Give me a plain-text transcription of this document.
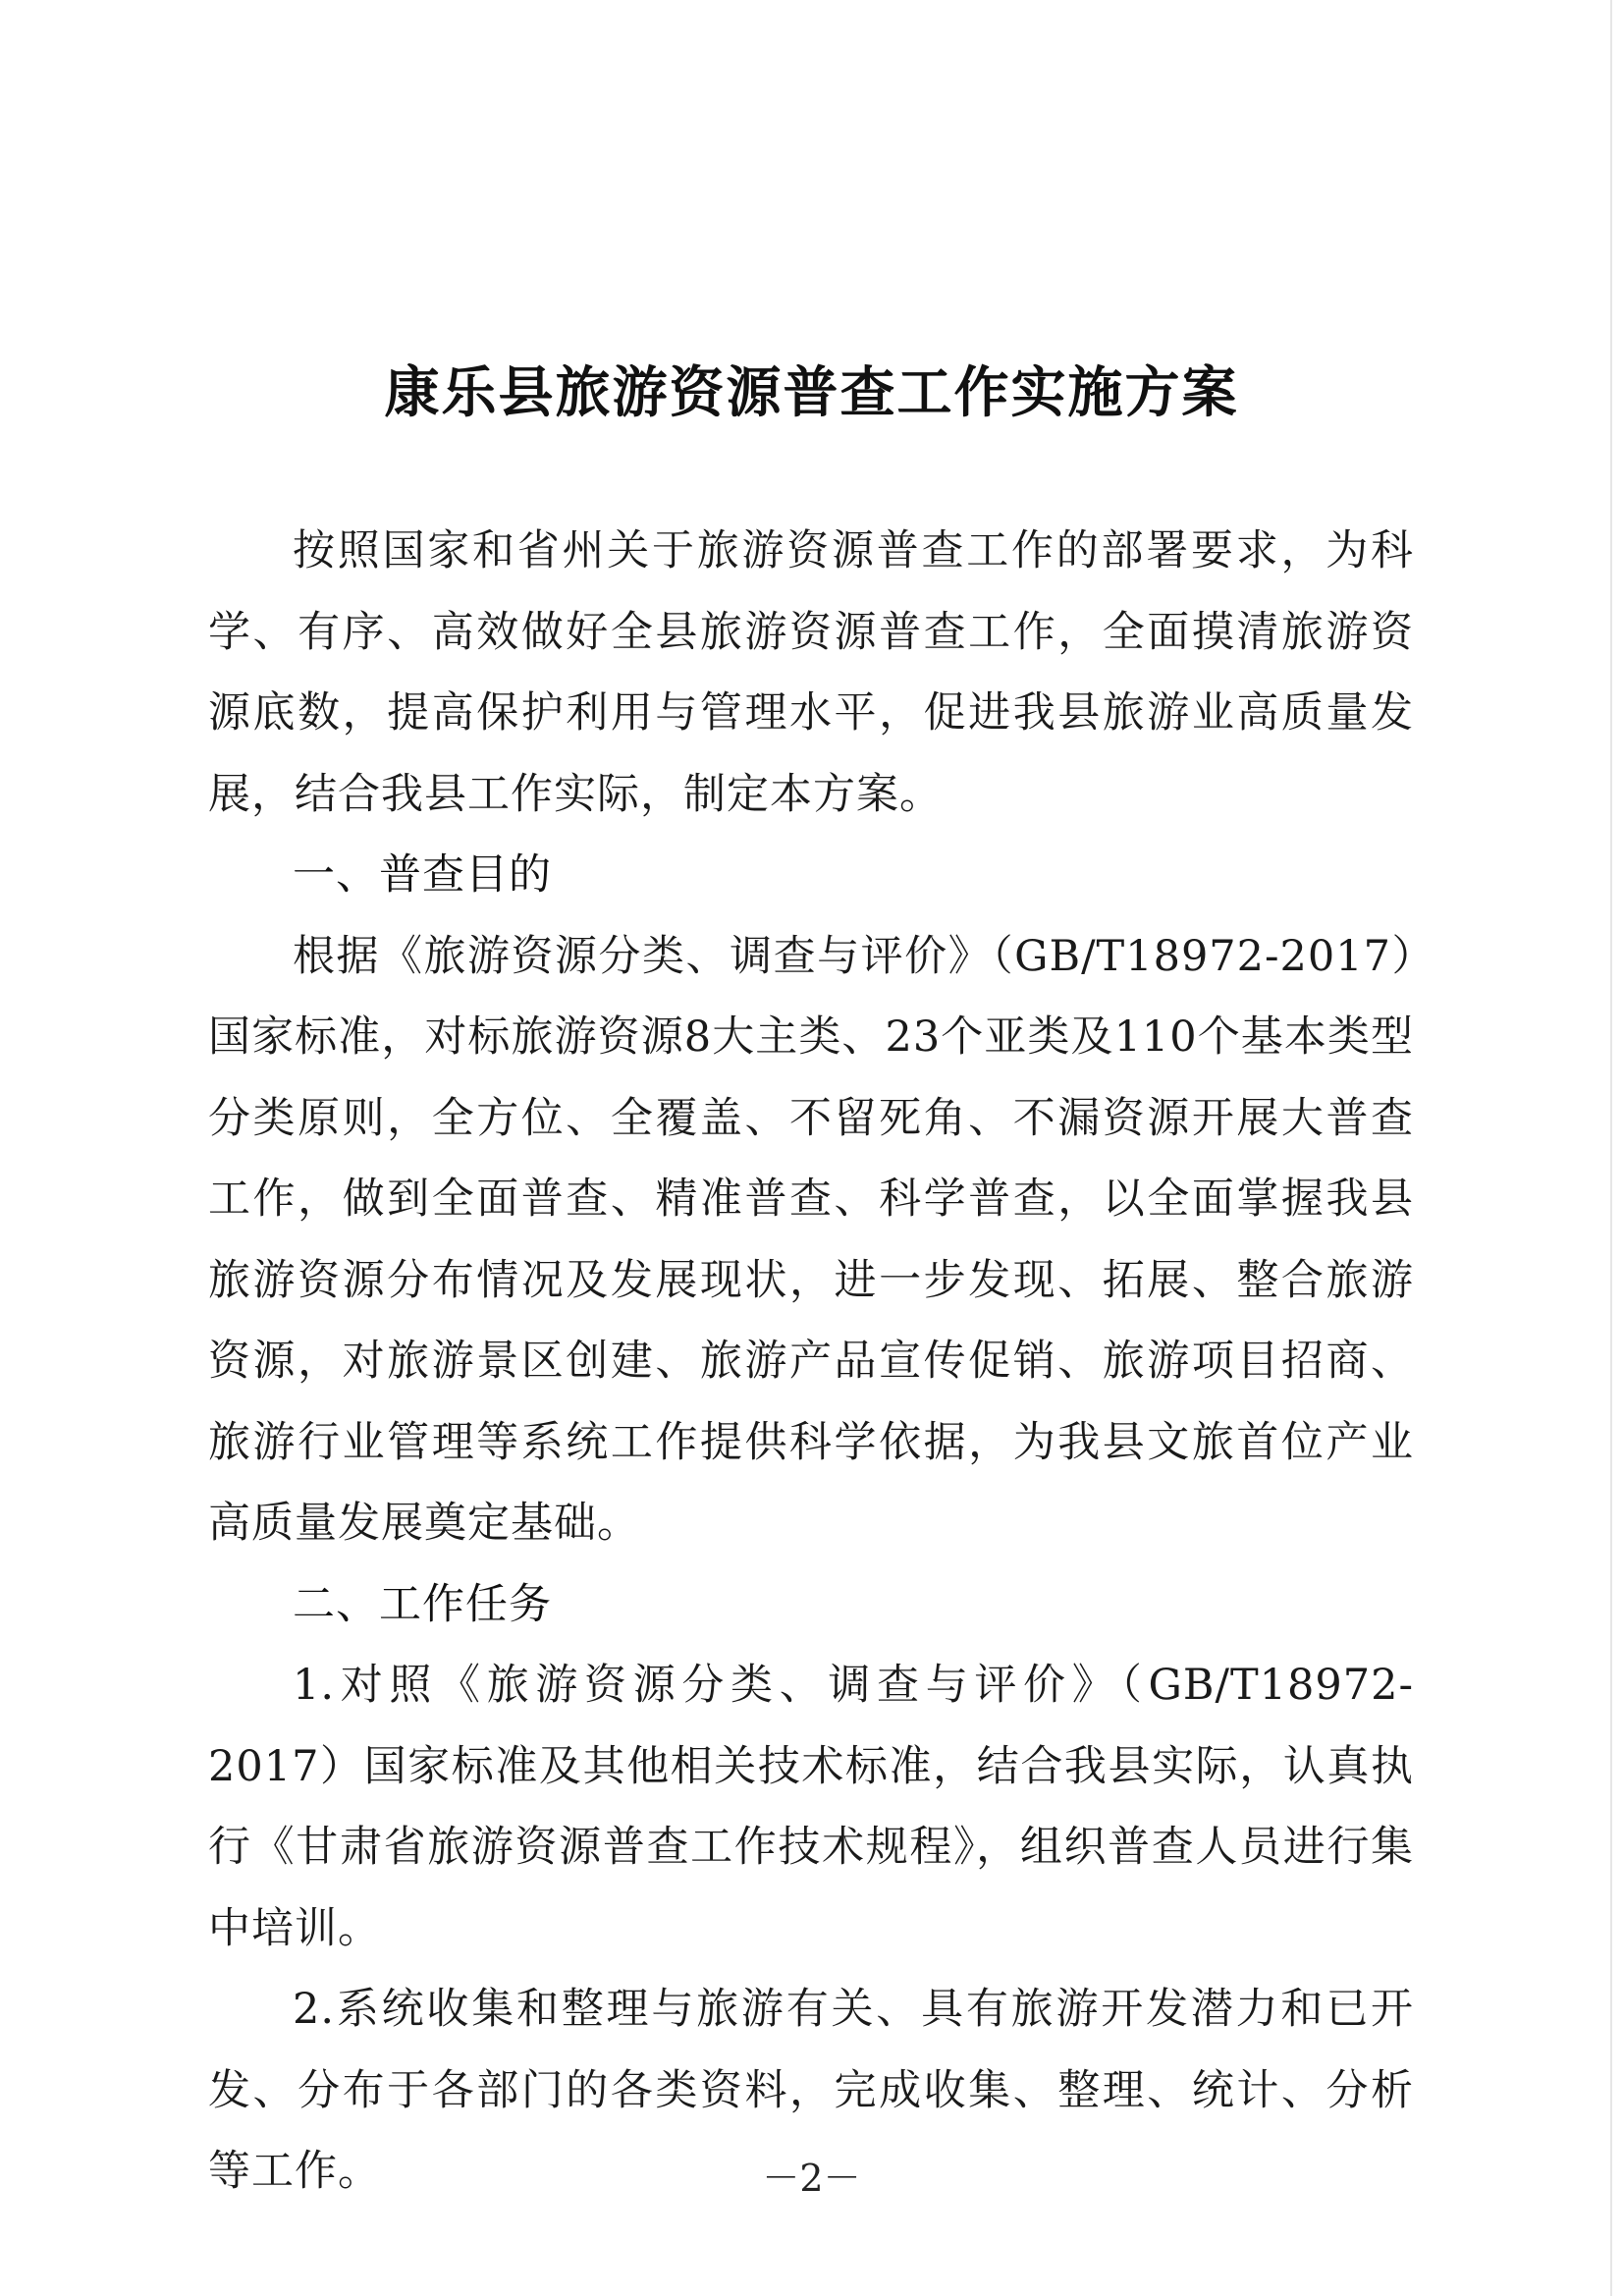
康乐县旅游资源普查工作实施方案

按照国家和省州关于旅游资源普查工作的部署要求，为科学、有序、高效做好全县旅游资源普查工作，全面摸清旅游资源底数，提高保护利用与管理水平，促进我县旅游业高质量发展，结合我县工作实际，制定本方案。

一、普查目的

根据《旅游资源分类、调查与评价》（GB/T18972-2017）国家标准，对标旅游资源8大主类、23个亚类及110个基本类型分类原则，全方位、全覆盖、不留死角、不漏资源开展大普查工作，做到全面普查、精准普查、科学普查，以全面掌握我县旅游资源分布情况及发展现状，进一步发现、拓展、整合旅游资源，对旅游景区创建、旅游产品宣传促销、旅游项目招商、旅游行业管理等系统工作提供科学依据，为我县文旅首位产业高质量发展奠定基础。

二、工作任务

1.对照《旅游资源分类、调查与评价》（GB/T18972-2017）国家标准及其他相关技术标准，结合我县实际，认真执行《甘肃省旅游资源普查工作技术规程》，组织普查人员进行集中培训。

2.系统收集和整理与旅游有关、具有旅游开发潜力和已开发、分布于各部门的各类资料，完成收集、整理、统计、分析等工作。	－2－
